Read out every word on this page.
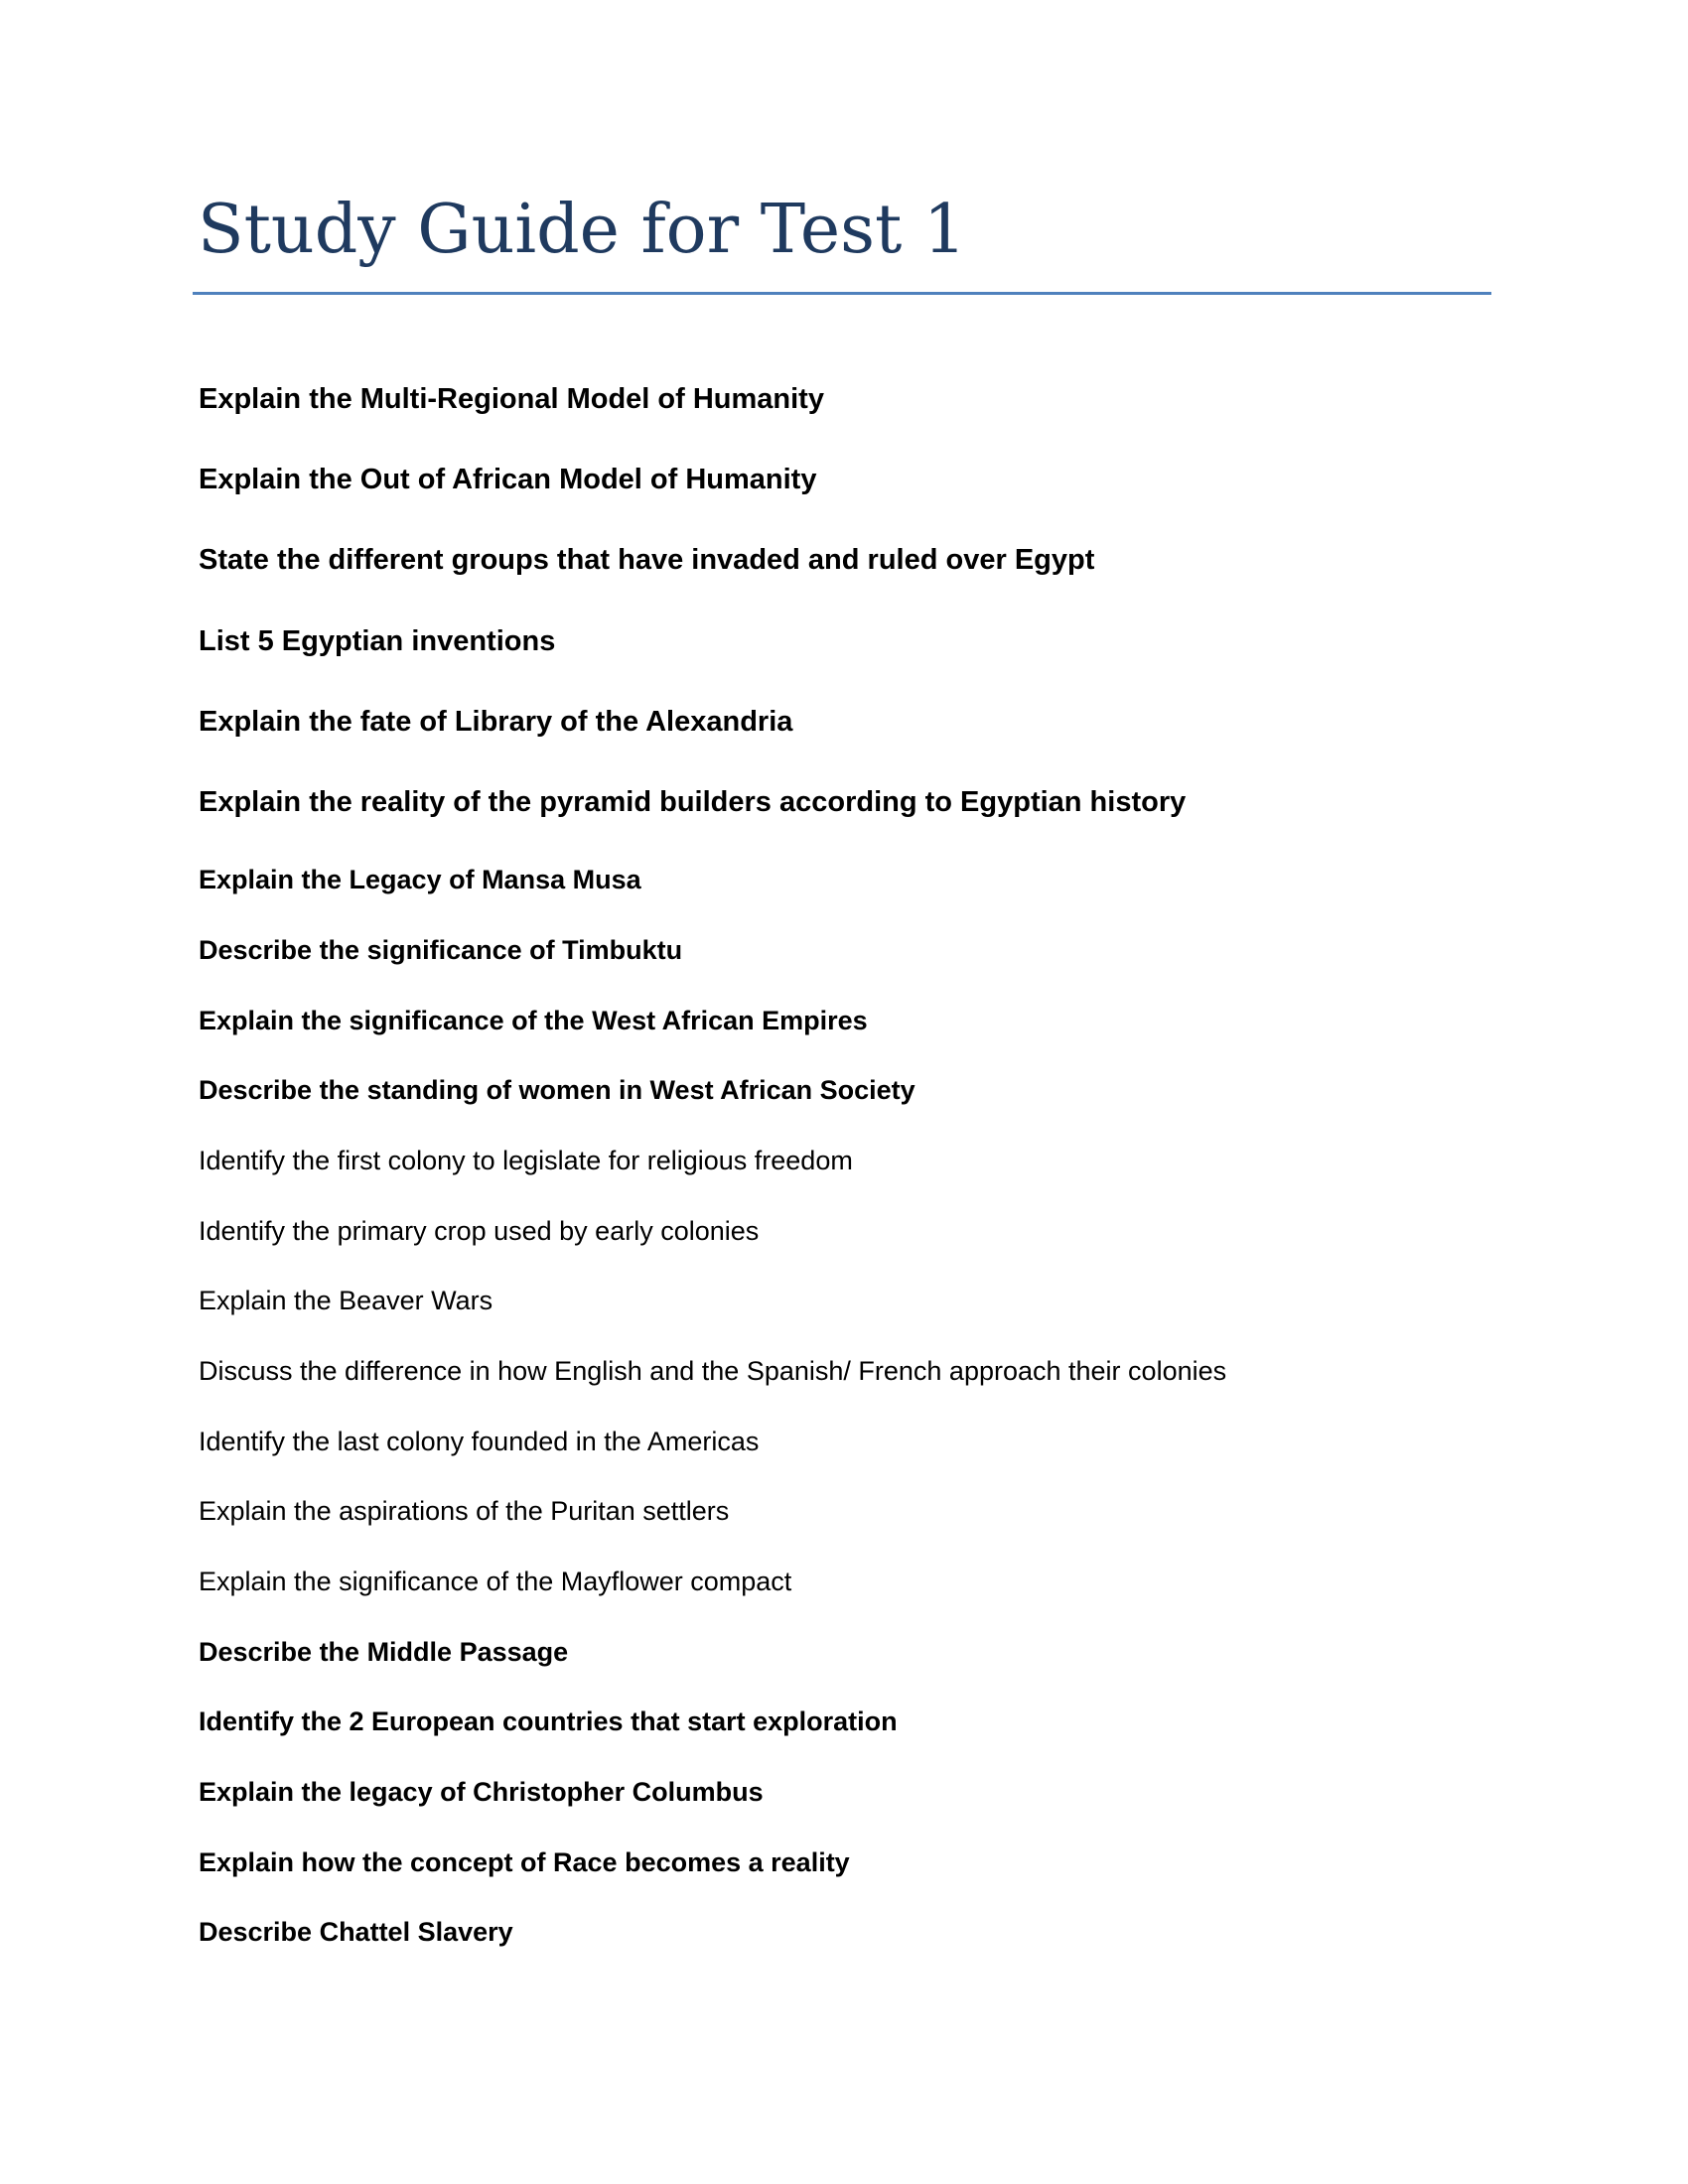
Study Guide for Test 1

Explain the Multi-Regional Model of Humanity

Explain the Out of African Model of Humanity

State the different groups that have invaded and ruled over Egypt

List 5 Egyptian inventions

Explain the fate of Library of the Alexandria

Explain the reality of the pyramid builders according to Egyptian history

Explain the Legacy of Mansa Musa

Describe the significance of Timbuktu

Explain the significance of the West African Empires

Describe the standing of women in West African Society

Identify the first colony to legislate for religious freedom

Identify the primary crop used by early colonies

Explain the Beaver Wars

Discuss the difference in how English and the Spanish/ French approach their colonies

Identify the last colony founded in the Americas

Explain the aspirations of the Puritan settlers

Explain the significance of the Mayflower compact

Describe the Middle Passage

Identify the 2 European countries that start exploration

Explain the legacy of Christopher Columbus

Explain how the concept of Race becomes a reality

Describe Chattel Slavery
